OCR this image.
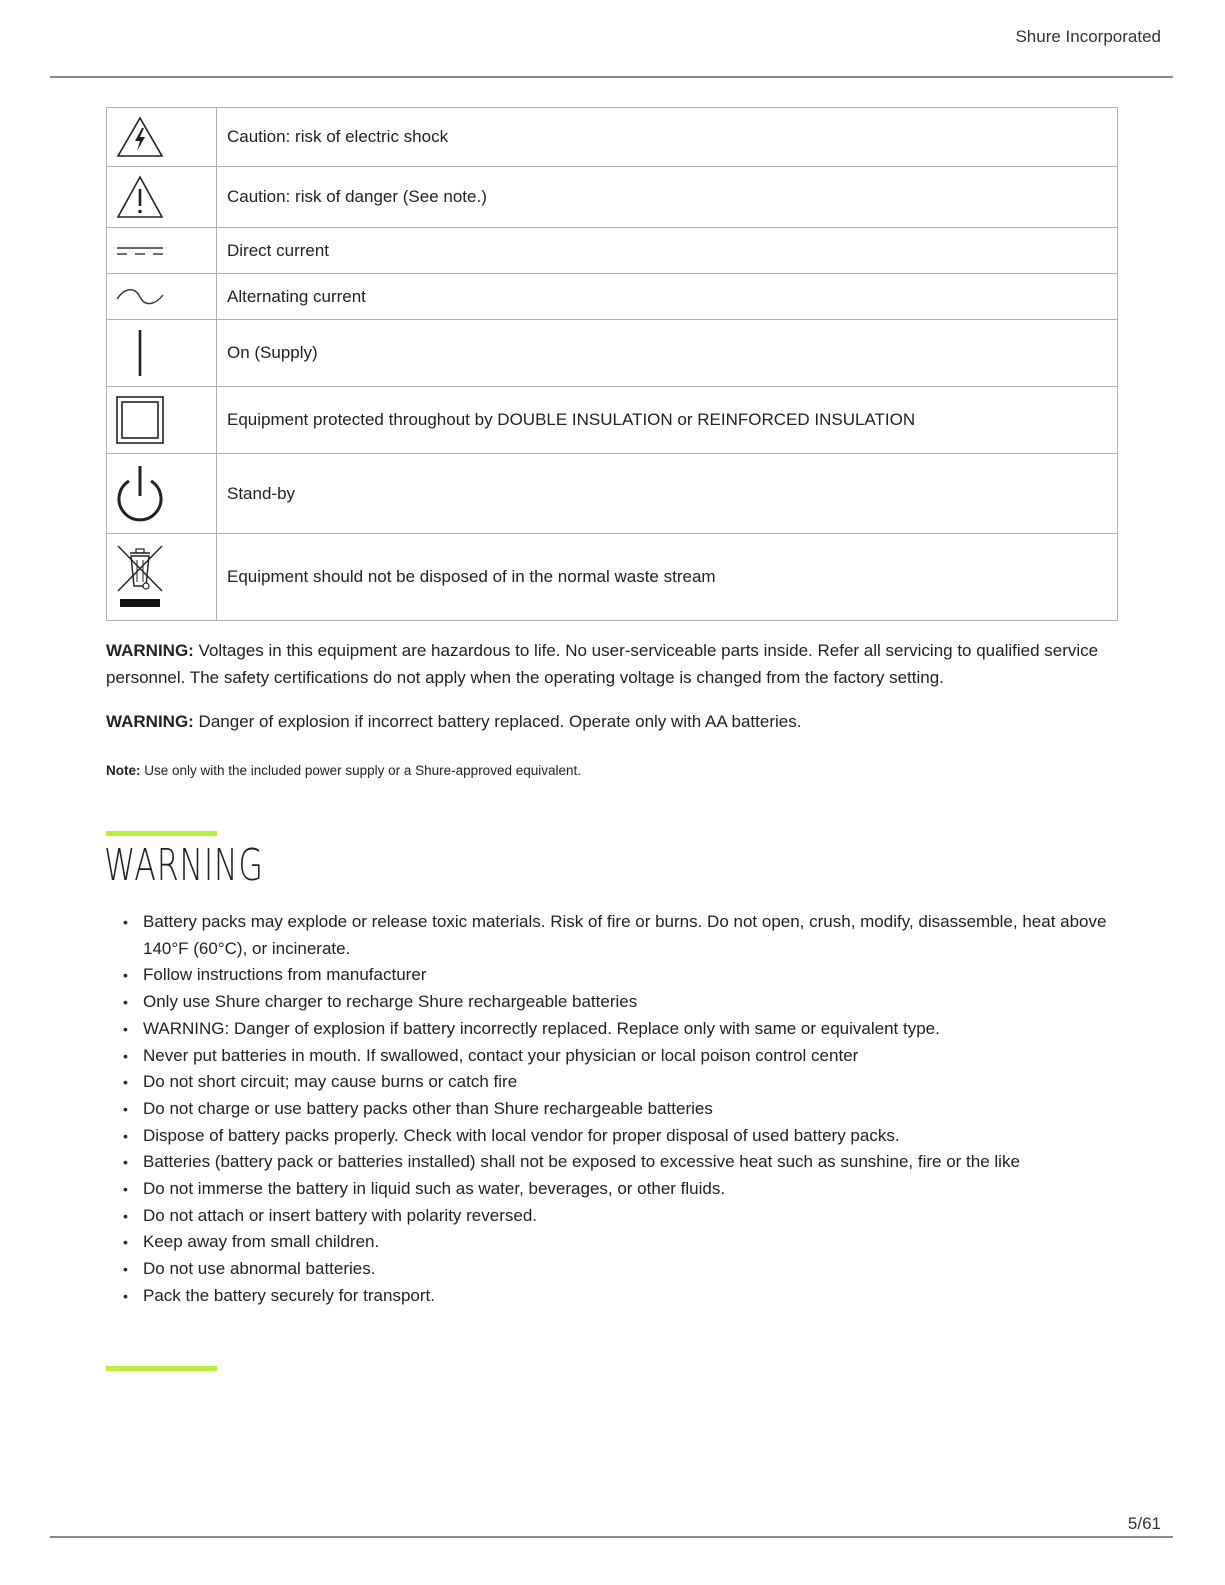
Shure Incorporated
	Caution: risk of electric shock

	Caution: risk of danger (See note.)

	Direct current

	Alternating current

	On (Supply)

	Equipment protected throughout by DOUBLE INSULATION or REINFORCED INSULATION

	Stand-by

	Equipment should not be disposed of in the normal waste stream

WARNING: Voltages in this equipment are hazardous to life. No user-serviceable parts inside. Refer all servicing to qualified service personnel. The safety certifications do not apply when the operating voltage is changed from the factory setting.

WARNING: Danger of explosion if incorrect battery replaced. Operate only with AA batteries.

Note: Use only with the included power supply or a Shure-approved equivalent.

WARNING
• Battery packs may explode or release toxic materials. Risk of fire or burns. Do not open, crush, modify, disassemble, heat above 140°F (60°C), or incinerate.
• Follow instructions from manufacturer
• Only use Shure charger to recharge Shure rechargeable batteries
• WARNING: Danger of explosion if battery incorrectly replaced. Replace only with same or equivalent type.
• Never put batteries in mouth. If swallowed, contact your physician or local poison control center
• Do not short circuit; may cause burns or catch fire
• Do not charge or use battery packs other than Shure rechargeable batteries
• Dispose of battery packs properly. Check with local vendor for proper disposal of used battery packs.
• Batteries (battery pack or batteries installed) shall not be exposed to excessive heat such as sunshine, fire or the like
• Do not immerse the battery in liquid such as water, beverages, or other fluids.
• Do not attach or insert battery with polarity reversed.
• Keep away from small children.
• Do not use abnormal batteries.
• Pack the battery securely for transport.
5/61
